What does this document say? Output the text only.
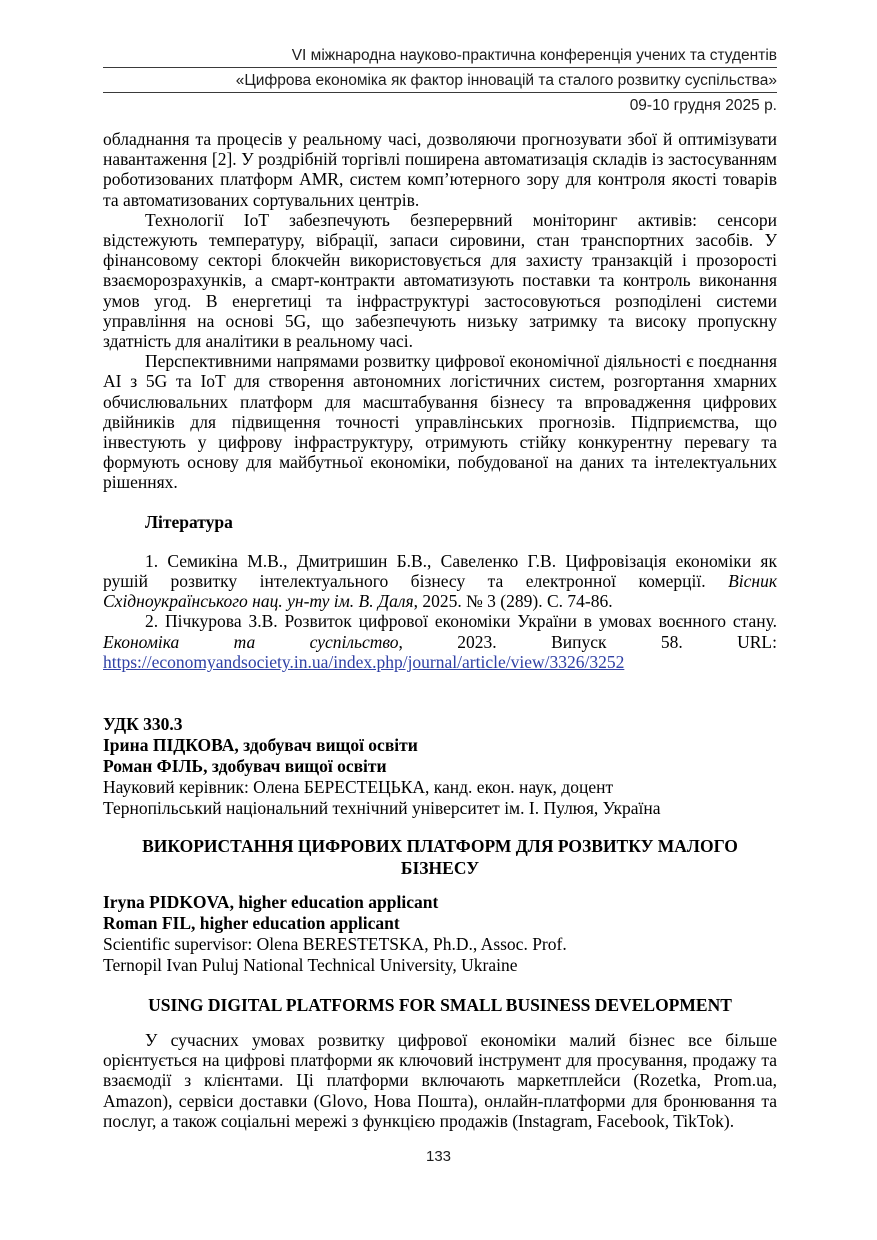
VI міжнародна науково-практична конференція учених та студентів
«Цифрова економіка як фактор інновацій та сталого розвитку суспільства»
09-10 грудня 2025 р.

обладнання та процесів у реальному часі, дозволяючи прогнозувати збої й оптимізувати навантаження [2]. У роздрібній торгівлі поширена автоматизація складів із застосуванням роботизованих платформ AMR, систем комп’ютерного зору для контроля якості товарів та автоматизованих сортувальних центрів.

Технології IoT забезпечують безперервний моніторинг активів: сенсори відстежують температуру, вібрації, запаси сировини, стан транспортних засобів. У фінансовому секторі блокчейн використовується для захисту транзакцій і прозорості взаєморозрахунків, а смарт-контракти автоматизують поставки та контроль виконання умов угод. В енергетиці та інфраструктурі застосовуються розподілені системи управління на основі 5G, що забезпечують низьку затримку та високу пропускну здатність для аналітики в реальному часі.

Перспективними напрямами розвитку цифрової економічної діяльності є поєднання AI з 5G та IoT для створення автономних логістичних систем, розгортання хмарних обчислювальних платформ для масштабування бізнесу та впровадження цифрових двійників для підвищення точності управлінських прогнозів. Підприємства, що інвестують у цифрову інфраструктуру, отримують стійку конкурентну перевагу та формують основу для майбутньої економіки, побудованої на даних та інтелектуальних рішеннях.

Література

1. Семикіна М.В., Дмитришин Б.В., Савеленко Г.В. Цифровізація економіки як рушій розвитку інтелектуального бізнесу та електронної комерції. Вісник Східноукраїнського нац. ун-ту ім. В. Даля, 2025. № 3 (289). С. 74-86.

2. Пічкурова З.В. Розвиток цифрової економіки України в умовах воєнного стану. Економіка та суспільство, 2023. Випуск 58. URL: https://economyandsociety.in.ua/index.php/journal/article/view/3326/3252

УДК 330.3

Ірина ПІДКОВА, здобувач вищої освіти

Роман ФІЛЬ, здобувач вищої освіти

Науковий керівник: Олена БЕРЕСТЕЦЬКА, канд. екон. наук, доцент

Тернопільський національний технічний університет ім. І. Пулюя, Україна

ВИКОРИСТАННЯ ЦИФРОВИХ ПЛАТФОРМ ДЛЯ РОЗВИТКУ МАЛОГО БІЗНЕСУ

Iryna PIDKOVA, higher education applicant

Roman FIL, higher education applicant

Scientific supervisor: Olena BERESTETSKA, Ph.D., Assoc. Prof.

Ternopil Ivan Puluj National Technical University, Ukraine

USING DIGITAL PLATFORMS FOR SMALL BUSINESS DEVELOPMENT

У сучасних умовах розвитку цифрової економіки малий бізнес все більше орієнтується на цифрові платформи як ключовий інструмент для просування, продажу та взаємодії з клієнтами. Ці платформи включають маркетплейси (Rozetka, Prom.ua, Amazon), сервіси доставки (Glovo, Нова Пошта), онлайн-платформи для бронювання та послуг, а також соціальні мережі з функцією продажів (Instagram, Facebook, TikTok).

133
